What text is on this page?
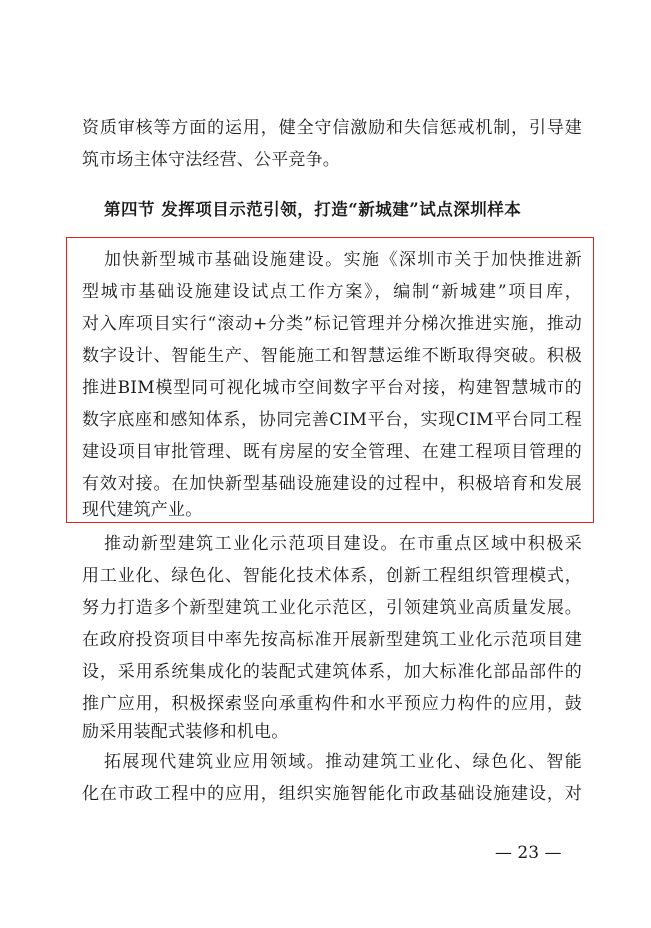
资质审核等方面的运用，健全守信激励和失信惩戒机制，引导建
筑市场主体守法经营、公平竞争。
第四节 发挥项目示范引领，打造“新城建”试点深圳样本
加快新型城市基础设施建设。实施《深圳市关于加快推进新
型城市基础设施建设试点工作方案》，编制“新城建”项目库，
对入库项目实行“滚动+分类”标记管理并分梯次推进实施，推动
数字设计、智能生产、智能施工和智慧运维不断取得突破。积极
推进BIM模型同可视化城市空间数字平台对接，构建智慧城市的
数字底座和感知体系，协同完善CIM平台，实现CIM平台同工程
建设项目审批管理、既有房屋的安全管理、在建工程项目管理的
有效对接。在加快新型基础设施建设的过程中，积极培育和发展
现代建筑产业。
推动新型建筑工业化示范项目建设。在市重点区域中积极采
用工业化、绿色化、智能化技术体系，创新工程组织管理模式，
努力打造多个新型建筑工业化示范区，引领建筑业高质量发展。
在政府投资项目中率先按高标准开展新型建筑工业化示范项目建
设，采用系统集成化的装配式建筑体系，加大标准化部品部件的
推广应用，积极探索竖向承重构件和水平预应力构件的应用，鼓
励采用装配式装修和机电。
拓展现代建筑业应用领域。推动建筑工业化、绿色化、智能
化在市政工程中的应用，组织实施智能化市政基础设施建设，对
— 23 —
